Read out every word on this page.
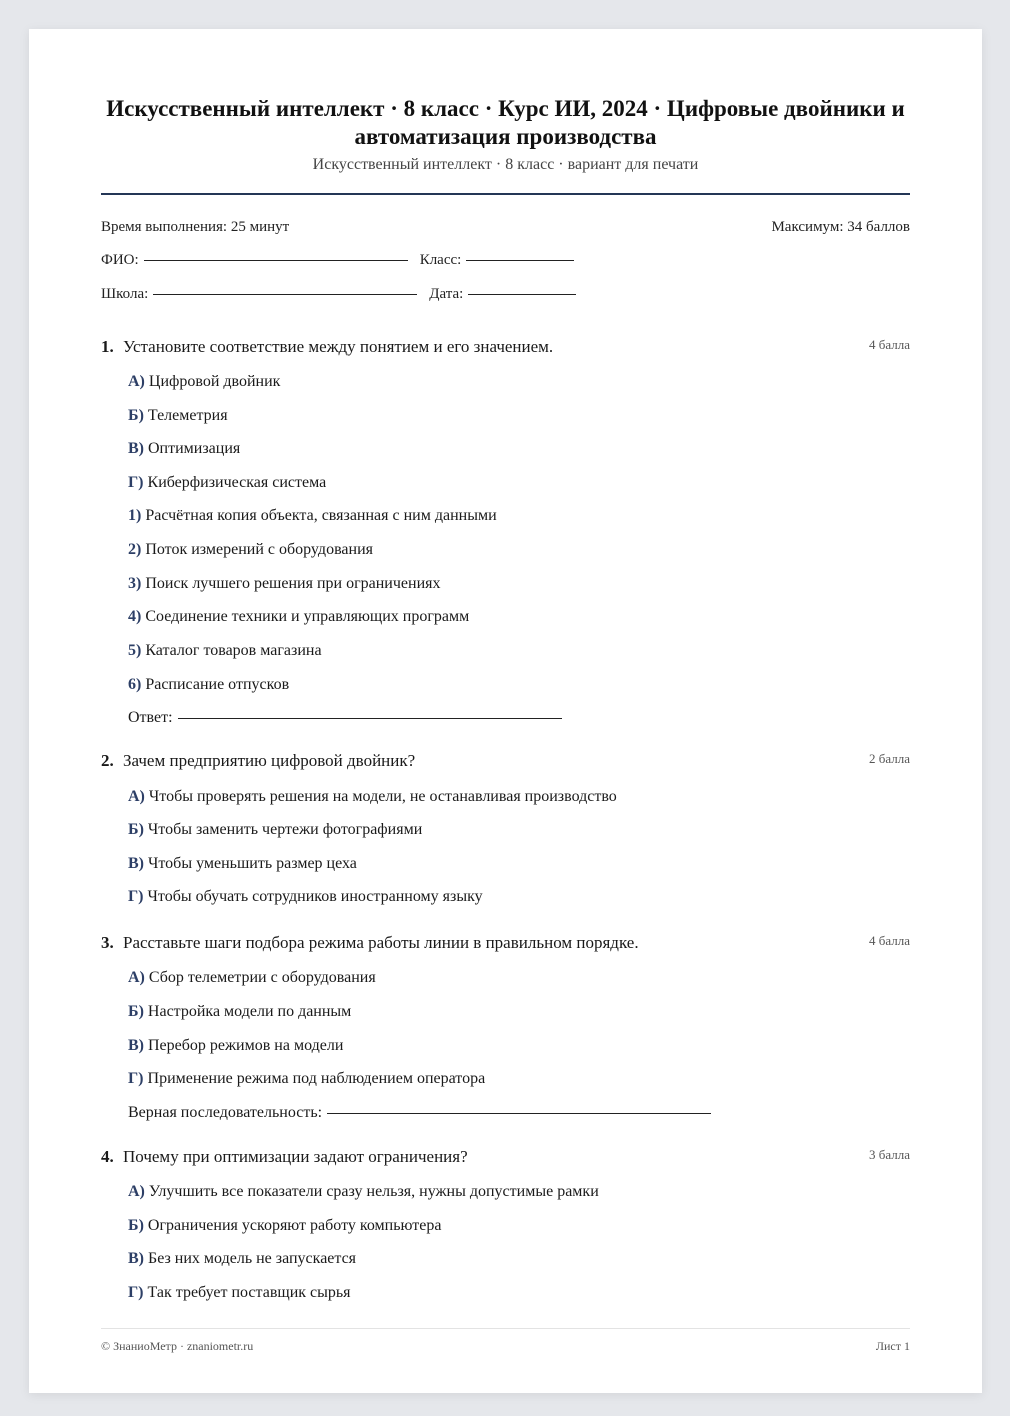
Искусственный интеллект · 8 класс · Курс ИИ, 2024 · Цифровые двойники и автоматизация производства
Искусственный интеллект · 8 класс · вариант для печати
Время выполнения: 25 минут	Максимум: 34 баллов
ФИО:	Класс:
Школа:	Дата:
1. Установите соответствие между понятием и его значением.	4 балла
А) Цифровой двойник
Б) Телеметрия
В) Оптимизация
Г) Киберфизическая система
1) Расчётная копия объекта, связанная с ним данными
2) Поток измерений с оборудования
3) Поиск лучшего решения при ограничениях
4) Соединение техники и управляющих программ
5) Каталог товаров магазина
6) Расписание отпусков
Ответ:
2. Зачем предприятию цифровой двойник?	2 балла
А) Чтобы проверять решения на модели, не останавливая производство
Б) Чтобы заменить чертежи фотографиями
В) Чтобы уменьшить размер цеха
Г) Чтобы обучать сотрудников иностранному языку
3. Расставьте шаги подбора режима работы линии в правильном порядке.	4 балла
А) Сбор телеметрии с оборудования
Б) Настройка модели по данным
В) Перебор режимов на модели
Г) Применение режима под наблюдением оператора
Верная последовательность:
4. Почему при оптимизации задают ограничения?	3 балла
А) Улучшить все показатели сразу нельзя, нужны допустимые рамки
Б) Ограничения ускоряют работу компьютера
В) Без них модель не запускается
Г) Так требует поставщик сырья
© ЗнаниоМетр · znaniometr.ru	Лист 1
